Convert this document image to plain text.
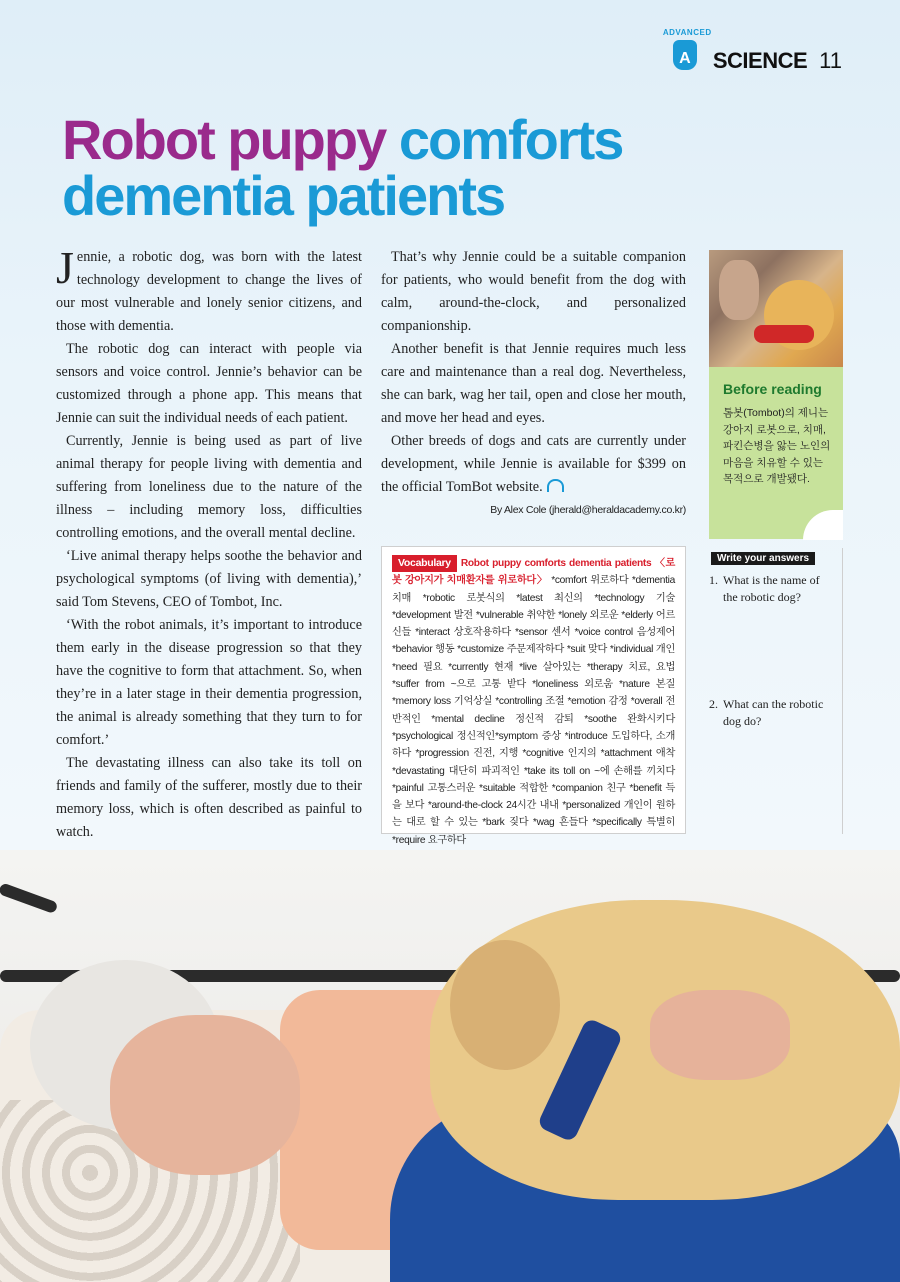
ADVANCED
A SCIENCE 11
Robot puppy comforts dementia patients

Jennie, a robotic dog, was born with the latest technology development to change the lives of our most vulnerable and lonely senior citizens, and those with dementia.

The robotic dog can interact with people via sensors and voice control. Jennie’s behavior can be customized through a phone app. This means that Jennie can suit the individual needs of each patient.

Currently, Jennie is being used as part of live animal therapy for people living with dementia and suffering from loneliness due to the nature of the illness – including memory loss, difficulties controlling emotions, and the overall mental decline.

‘Live animal therapy helps soothe the behavior and psychological symptoms (of living with dementia),’ said Tom Stevens, CEO of Tombot, Inc.

‘With the robot animals, it’s important to introduce them early in the disease progression so that they have the cognitive to form that attachment. So, when they’re in a later stage in their dementia progression, the animal is already something that they turn to for comfort.’

The devastating illness can also take its toll on friends and family of the sufferer, mostly due to their memory loss, which is often described as painful to watch.

That’s why Jennie could be a suitable companion for patients, who would benefit from the dog with calm, around-the-clock, and personalized companionship.

Another benefit is that Jennie requires much less care and maintenance than a real dog. Nevertheless, she can bark, wag her tail, open and close her mouth, and move her head and eyes.

Other breeds of dogs and cats are currently under development, while Jennie is available for $399 on the official TomBot website.

By Alex Cole (jherald@heraldacademy.co.kr)

Before reading
톰봇(Tombot)의 제니는 강아지 로봇으로, 치매, 파킨슨병을 앓는 노인의 마음을 치유할 수 있는 목적으로 개발됐다.
Vocabulary Robot puppy comforts dementia patients 〈로봇 강아지가 치매환자를 위로하다〉 *comfort 위로하다 *dementia 치매 *robotic 로봇식의 *latest 최신의 *technology 기술 *development 발전 *vulnerable 취약한 *lonely 외로운 *elderly 어르신들 *interact 상호작용하다 *sensor 센서 *voice control 음성제어 *behavior 행동 *customize 주문제작하다 *suit 맞다 *individual 개인 *need 필요 *currently 현재 *live 살아있는 *therapy 치료, 요법 *suffer from ~으로 고통 받다 *loneliness 외로움 *nature 본질 *memory loss 기억상실 *controlling 조절 *emotion 감정 *overall 전반적인 *mental decline 정신적 감퇴 *soothe 완화시키다 *psychological 정신적인*symptom 증상 *introduce 도입하다, 소개하다 *progression 진전, 지행 *cognitive 인지의 *attachment 애착 *devastating 대단히 파괴적인 *take its toll on ~에 손해를 끼치다 *painful 고통스러운 *suitable 적합한 *companion 친구 *benefit 득을 보다 *around-the-clock 24시간 내내 *personalized 개인이 원하는 대로 할 수 있는 *bark 짖다 *wag 흔들다 *specifically 특별히 *require 요구하다
Write your answers
1. What is the name of the robotic dog?
2. What can the robotic dog do?
